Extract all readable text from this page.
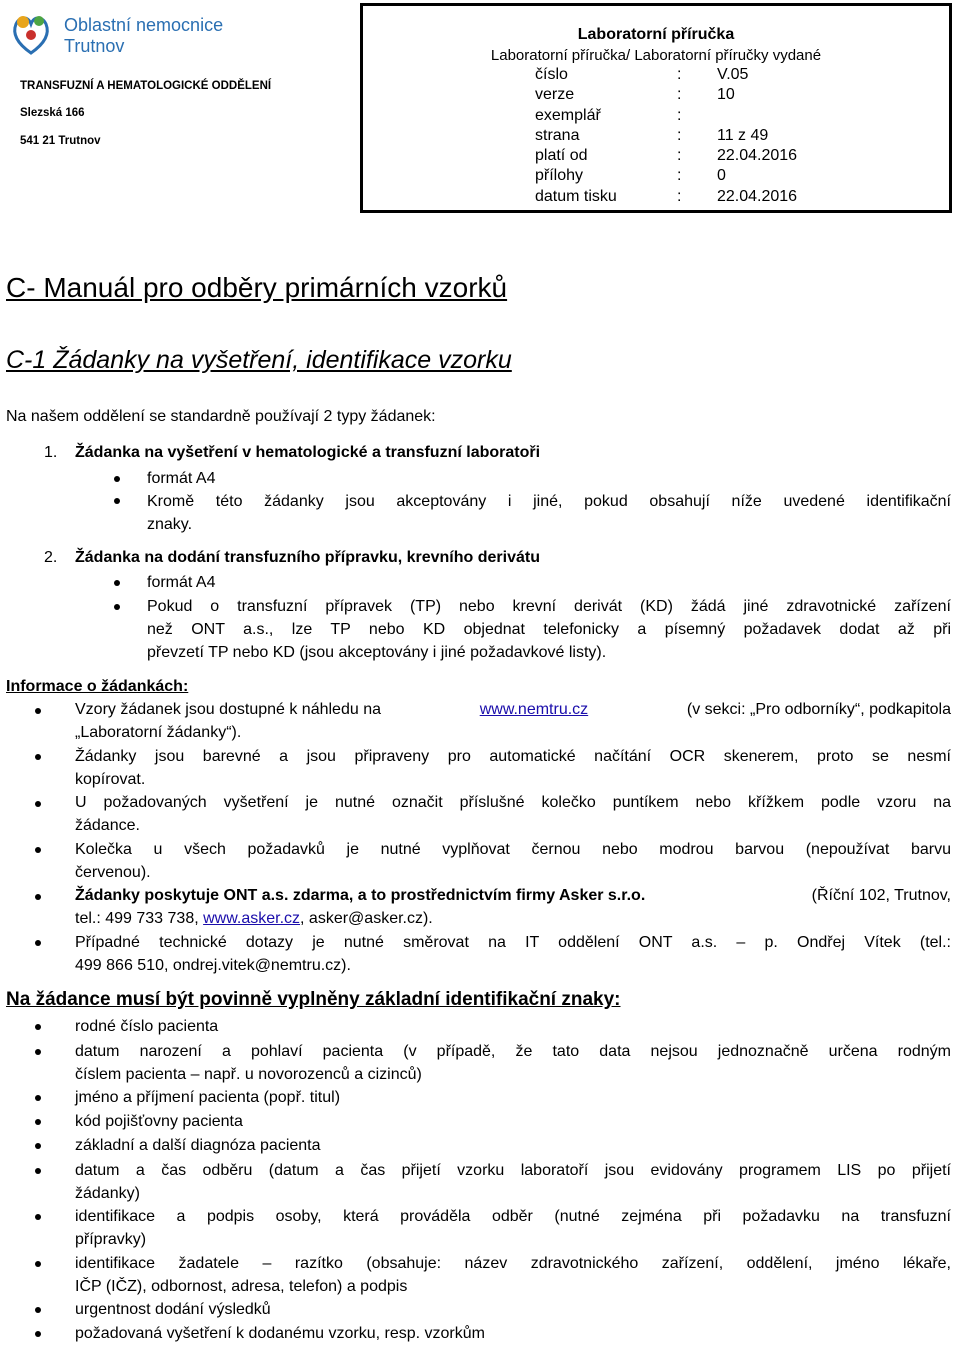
Oblastní nemocnice
Trutnov
TRANSFUZNÍ A HEMATOLOGICKÉ ODDĚLENÍ
Slezská 166
541 21 Trutnov
Laboratorní příručka
Laboratorní příručka/ Laboratorní příručky vydané
číslo	: V.05
verze	: 10
exemplář	:
strana	: 11 z 49
platí od	: 22.04.2016
přílohy	: 0
datum tisku	: 22.04.2016
C- Manuál pro odběry primárních vzorků
C-1 Žádanky na vyšetření, identifikace vzorku
Na našem oddělení se standardně používají 2 typy žádanek:
1. Žádanka na vyšetření v hematologické a transfuzní laboratoři
formát A4
Kromě této žádanky jsou akceptovány i jiné, pokud obsahují níže uvedené identifikační
znaky.
2. Žádanka na dodání transfuzního přípravku, krevního derivátu
formát A4
Pokud o transfuzní přípravek (TP) nebo krevní derivát (KD) žádá jiné zdravotnické zařízení
než ONT a.s., lze TP nebo KD objednat telefonicky a písemný požadavek dodat až při
převzetí TP nebo KD (jsou akceptovány i jiné požadavkové listy).
Informace o žádankách:
Vzory žádanek jsou dostupné k náhledu na	www.nemtru.cz	(v sekci: „Pro odborníky“, podkapitola
„Laboratorní žádanky“).
Žádanky jsou barevné a jsou připraveny pro automatické načítání OCR skenerem, proto se nesmí
kopírovat.
U požadovaných vyšetření je nutné označit příslušné kolečko puntíkem nebo křížkem podle vzoru na
žádance.
Kolečka u všech požadavků je nutné vyplňovat černou nebo modrou barvou (nepoužívat barvu
červenou).
Žádanky poskytuje ONT a.s. zdarma, a to prostřednictvím firmy Asker s.r.o.	(Říční 102, Trutnov,
tel.: 499 733 738, www.asker.cz, asker@asker.cz).
Případné technické dotazy je nutné směrovat na IT oddělení ONT a.s. – p. Ondřej Vítek (tel.:
499 866 510, ondrej.vitek@nemtru.cz).
Na žádance musí být povinně vyplněny základní identifikační znaky:
rodné číslo pacienta
datum narození a pohlaví pacienta (v případě, že tato data nejsou jednoznačně určena rodným
číslem pacienta – např. u novorozenců a cizinců)
jméno a příjmení pacienta (popř. titul)
kód pojišťovny pacienta
základní a další diagnóza pacienta
datum a čas odběru (datum a čas přijetí vzorku laboratoří jsou evidovány programem LIS po přijetí
žádanky)
identifikace a podpis osoby, která prováděla odběr (nutné zejména při požadavku na transfuzní
přípravky)
identifikace žadatele – razítko (obsahuje: název zdravotnického zařízení, oddělení, jméno lékaře,
IČP (IČZ), odbornost, adresa, telefon) a podpis
urgentnost dodání výsledků
požadovaná vyšetření k dodanému vzorku, resp. vzorkům
